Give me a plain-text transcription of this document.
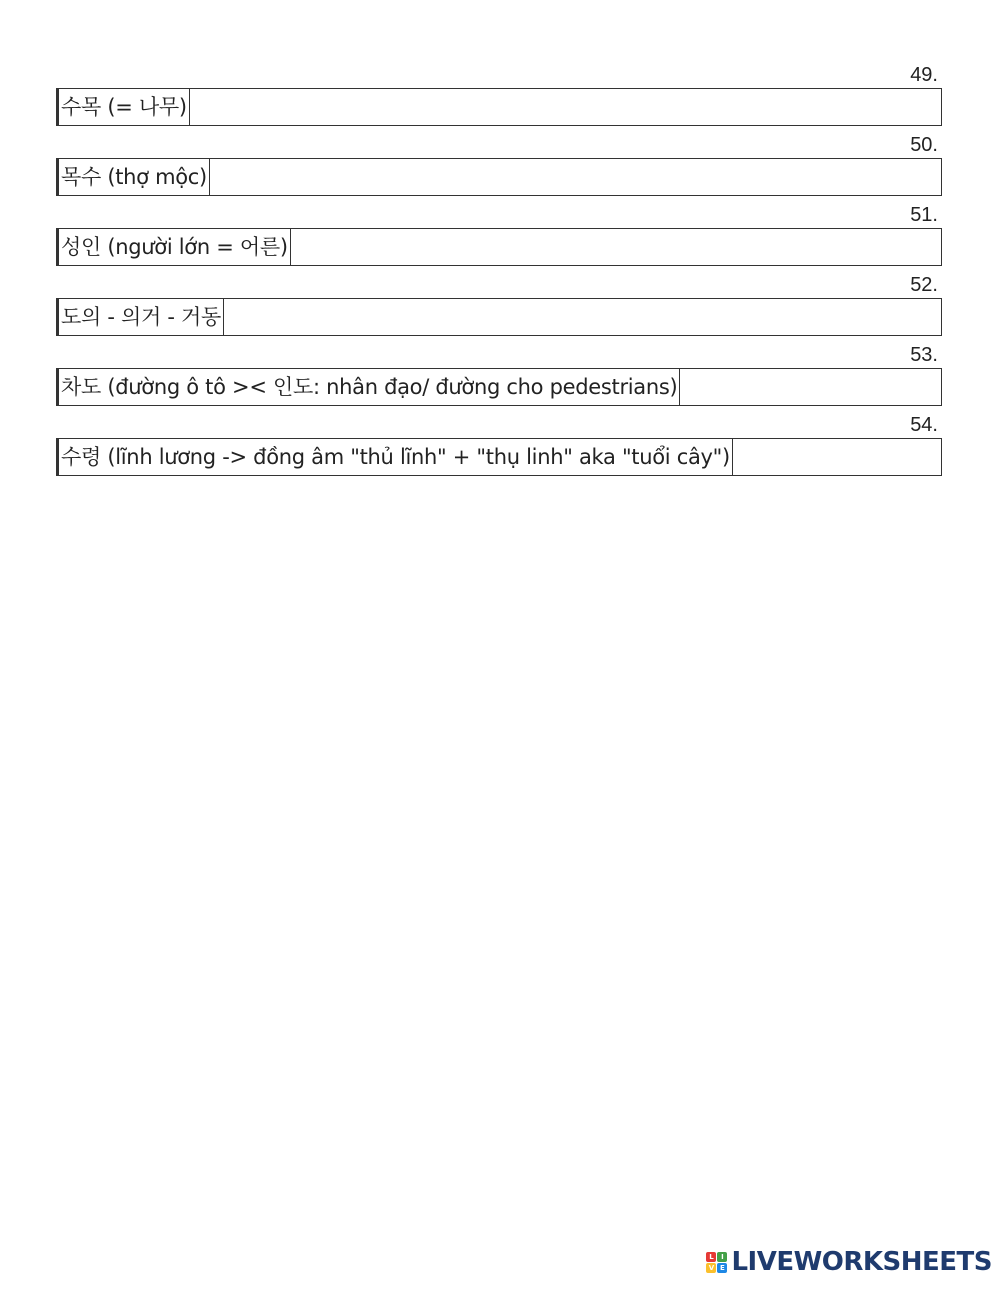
49.
수목 (= 나무)
50.
목수 (thợ mộc)
51.
성인 (người lớn = 어른)
52.
도의 - 의거 - 거동
53.
차도 (đường ô tô >< 인도: nhân đạo/ đường cho pedestrians)
54.
수령 (lĩnh lương -> đồng âm "thủ lĩnh" + "thụ linh" aka "tuổi cây")
L	I
V E LIVEWORKSHEETS
